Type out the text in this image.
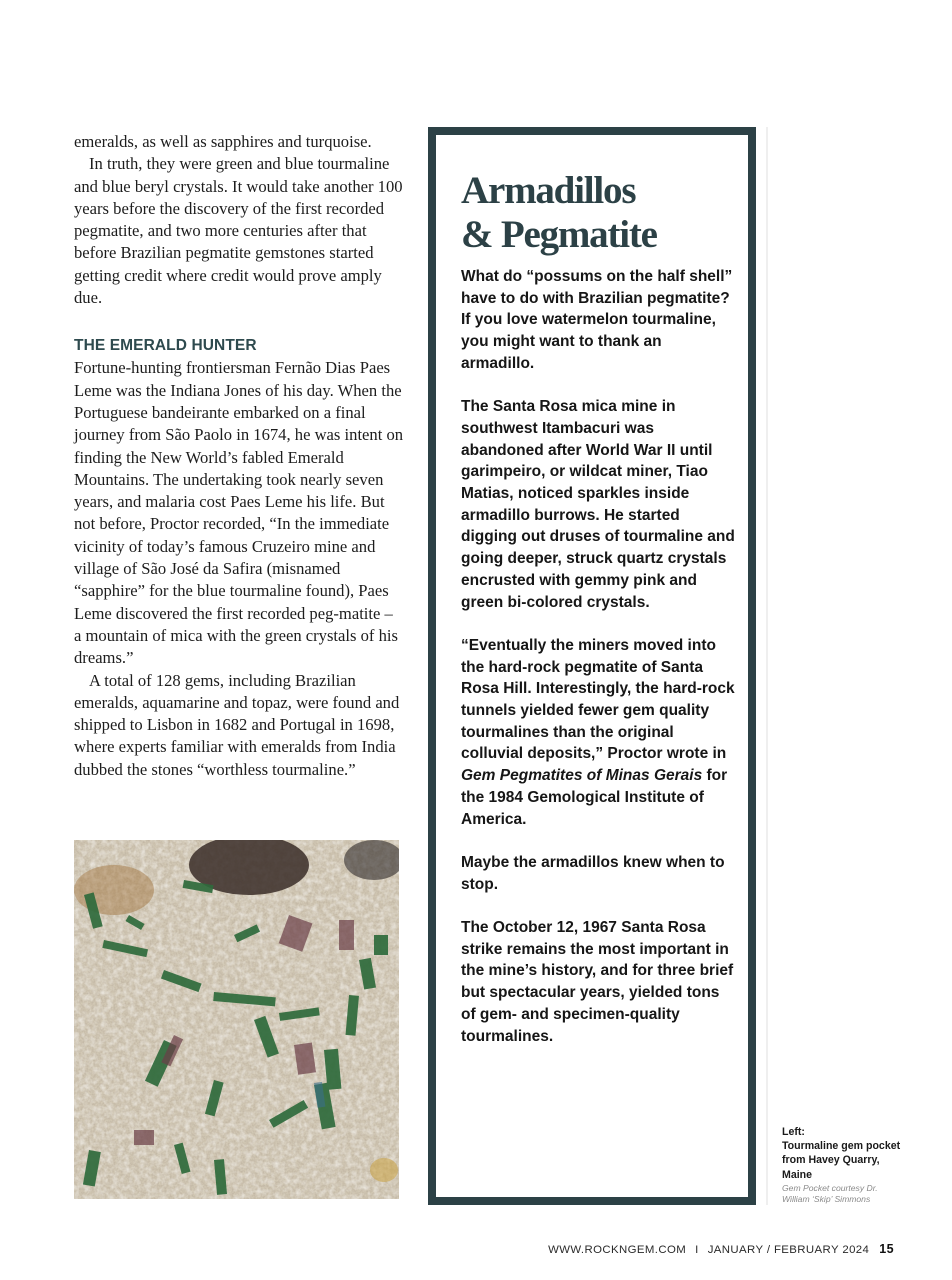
emeralds, as well as sapphires and turquoise.

In truth, they were green and blue tourmaline and blue beryl crystals. It would take another 100 years before the discovery of the first recorded pegmatite, and two more centuries after that before Brazilian pegmatite gemstones started getting credit where credit would prove amply due.

THE EMERALD HUNTER

Fortune-hunting frontiersman Fernão Dias Paes Leme was the Indiana Jones of his day. When the Portuguese bandeirante embarked on a final journey from São Paolo in 1674, he was intent on finding the New World’s fabled Emerald Mountains. The undertaking took nearly seven years, and malaria cost Paes Leme his life. But not before, Proctor recorded, “In the immediate vicinity of today’s famous Cruzeiro mine and village of São José da Safira (misnamed “sapphire” for the blue tourmaline found), Paes Leme discovered the first recorded peg-matite – a mountain of mica with the green crystals of his dreams.”

A total of 128 gems, including Brazilian emeralds, aquamarine and topaz, were found and shipped to Lisbon in 1682 and Portugal in 1698, where experts familiar with emeralds from India dubbed the stones “worthless tourmaline.”

Armadillos
& Pegmatite

What do “possums on the half shell” have to do with Brazilian pegmatite? If you love watermelon tourmaline, you might want to thank an armadillo.

The Santa Rosa mica mine in southwest Itambacuri was abandoned after World War II until garimpeiro, or wildcat miner, Tiao Matias, noticed sparkles inside armadillo burrows. He started digging out druses of tourmaline and going deeper, struck quartz crystals encrusted with gemmy pink and green bi-colored crystals.

“Eventually the miners moved into the hard-rock pegmatite of Santa Rosa Hill. Interestingly, the hard-rock tunnels yielded fewer gem quality tourmalines than the original colluvial deposits,” Proctor wrote in Gem Pegmatites of Minas Gerais for the 1984 Gemological Institute of America.

Maybe the armadillos knew when to stop.

The October 12, 1967 Santa Rosa strike remains the most important in the mine’s history, and for three brief but spectacular years, yielded tons of gem- and specimen-quality tourmalines.

Left:
Tourmaline gem pocket from Havey Quarry, Maine
Gem Pocket courtesy Dr. William ‘Skip’ Simmons
WWW.ROCKNGEM.COM I JANUARY / FEBRUARY 2024 15
